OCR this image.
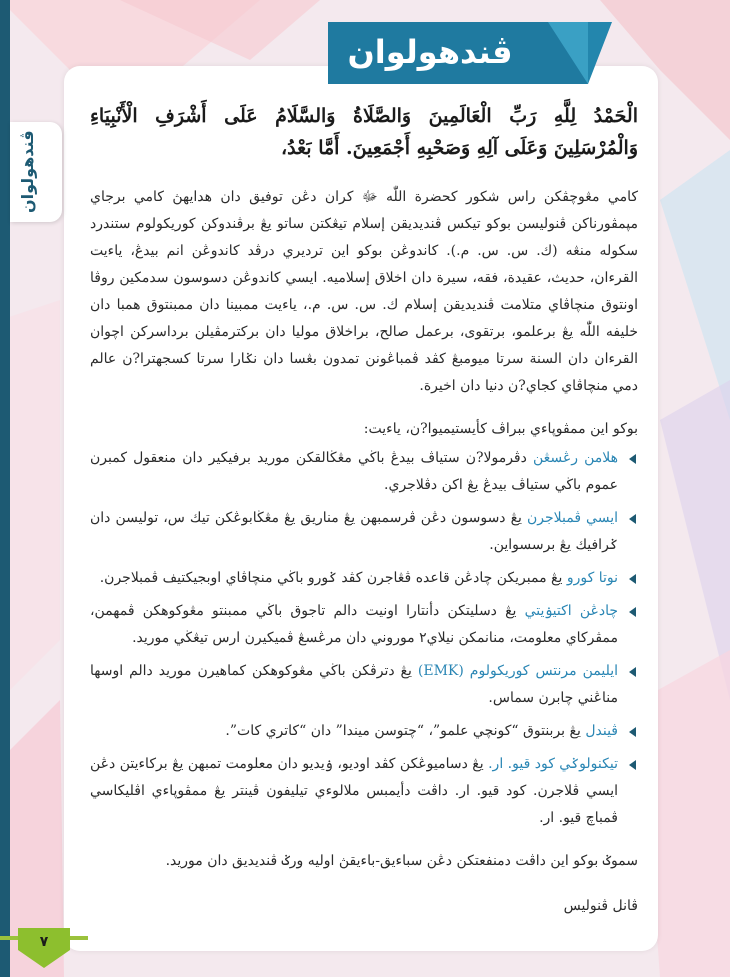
ڤندهولوان
ڤندهولوان

الْحَمْدُ لِلَّهِ رَبِّ الْعَالَمِينَ وَالصَّلَاةُ وَالسَّلَامُ عَلَى أَشْرَفِ الْأَنْبِيَاءِ وَالْمُرْسَلِينَ وَعَلَى آلِهِ وَصَحْبِهِ أَجْمَعِينَ. أَمَّا بَعْدُ،

كامي مڠوچڤكن راس شكور كحضرة اللّٰه ﷻ كران دڠن توفيق دان هدايهڽ كامي برجاي مڽمڤورناكن ڤنوليسن بوكو تيكس ڤنديديقن إسلام تيڠكتن ساتو يڠ برڤندوكن كوريكولوم ستندرد سكوله منڠه (ك. س. س. م.). كاندوڠن بوكو اين ترديري درڤد كاندوڠن انم بيدڠ، ياءيت القرءان، حديث، عقيدة، فقه، سيرة دان اخلاق إسلاميه. ايسي كاندوڠن دسوسون سدمكين روڤا اونتوق منچاڤاي متلامت ڤنديديقن إسلام ك. س. س. م.، ياءيت ممبينا دان ممبنتوق همبا دان خليفه اللّٰه يڠ برعلمو، برتقوى، برعمل صالح، براخلاق موليا دان بركترمڤيلن برداسركن اچوان القرءان دان السنة سرتا ميومبڠ كڤد ڤمباڠونن تمدون بڠسا دان نݢارا سرتا كسجهترا?ن عالم دمي منچاڤاي كجاي?ن دنيا دان اخيرة.

بوكو اين ممڤوڽاءي ببراڤ كأيستيميوا?ن، ياءيت:

هلامن رڠسڠن دڤرمولا?ن ستياڤ بيدڠ باڬي مڠڬالقكن موريد برفيكير دان منعقول كمبرن عموم باڬي ستياڤ بيدڠ يڠ اكن دڤلاجري.
ايسي ڤمبلاجرن يڠ دسوسون دڠن ڤرسمبهن يڠ مناريق يڠ مڠڬابوڠكن تيك س، توليسن دان ݢرافيك يڠ برسسواين.
نوتا كورو يڠ ممبريكن چادڠن قاعده ڤڠاجرن كڤد ݢورو باڬي منچاڤاي اوبجيكتيف ڤمبلاجرن.
چادڠن اكتيۏيتي يڠ دسليتكن دأنتارا اونيت دالم تاجوق باڬي ممبنتو مڠوكوهكن ڤمهمن، ممڤركاي معلومت، منانمكن نيلاي٢ موروني دان مرڠسڠ ڤميكيرن ارس تيڠڬي موريد.
ايليمن مرنتس كوريكولوم (EMK) يڠ دترڤكن باڬي مڠوكوهكن كماهيرن موريد دالم اوسها مناڠني چابرن سماس.
ڤيندل يڠ بربنتوق “كونچي علمو”، “چتوسن ميندا” دان “كاتري كات”.
تيكنولوݢي كود قيو. ار. يڠ دساميوڠكن كڤد اوديو، ۏيديو دان معلومت تمبهن يڠ بركاءيتن دڠن ايسي ڤلاجرن. كود قيو. ار. داڤت دأيمبس ملالوءي تيليفون ڤينتر يڠ ممڤوڽاءي اڤليكاسي ڤمباچ قيو. ار.

سموݢ بوكو اين داڤت دمنفعتكن دڠن سباءيق-باءيقڽ اوليه ورݢ ڤنديديق دان موريد.

ڤانل ڤنوليس

٧
